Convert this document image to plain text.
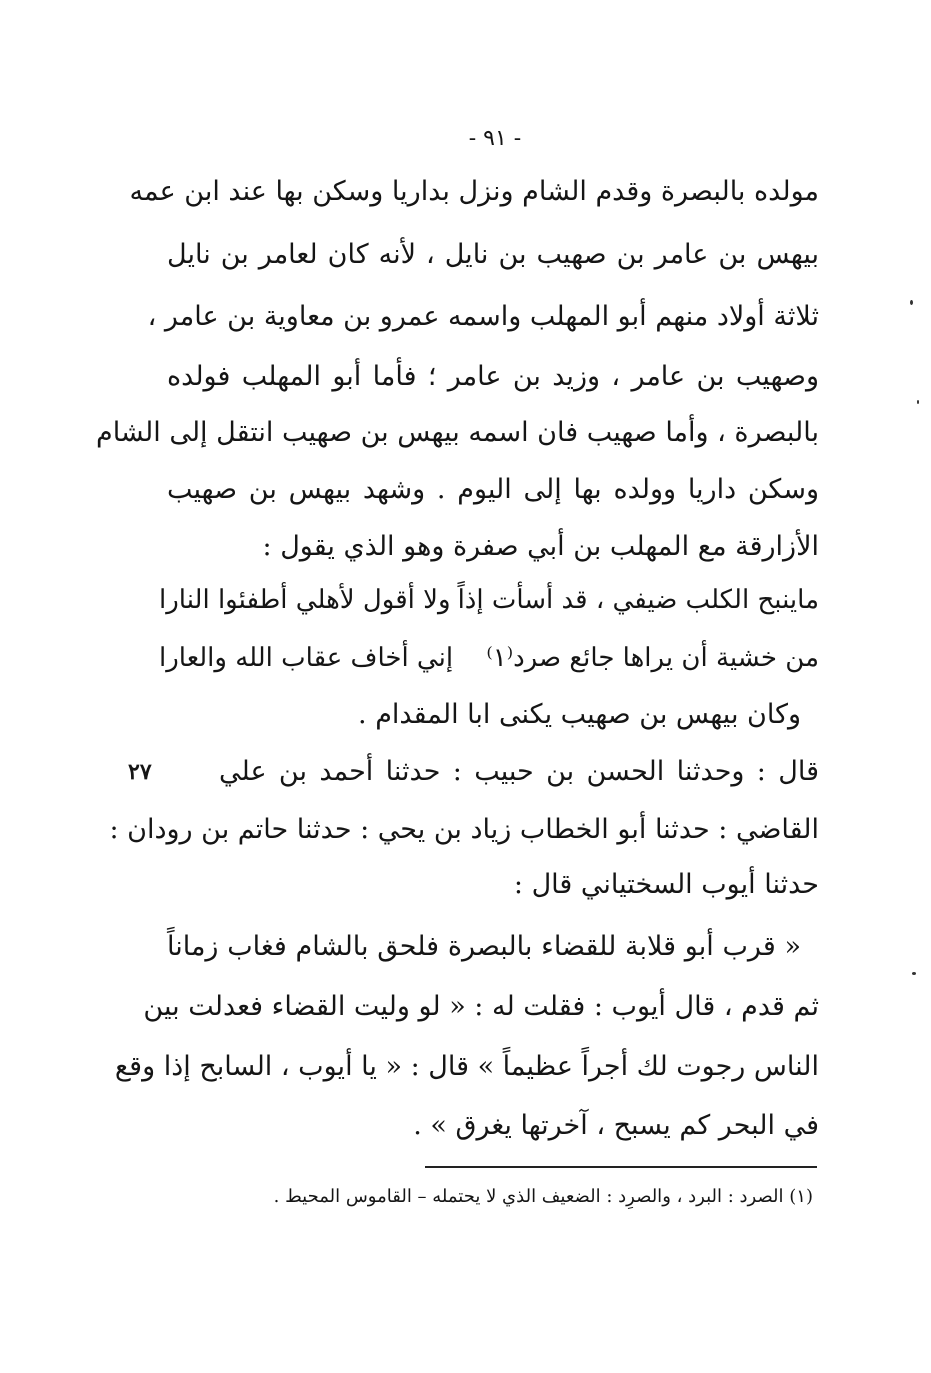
- ٩١ -
مولده بالبصرة وقدم الشام ونزل بداريا وسكن بها عند ابن عمه
بيهس بن عامر بن صهيب بن نايل ، لأنه كان لعامر بن نايل
ثلاثة أولاد منهم أبو المهلب واسمه عمرو بن معاوية بن عامر ،
وصهيب بن عامر ، وزيد بن عامر ؛ فأما أبو المهلب فولده
بالبصرة ، وأما صهيب فان اسمه بيهس بن صهيب انتقل إلى الشام
وسكن داريا وولده بها إلى اليوم . وشهد بيهس بن صهيب
الأزارقة مع المهلب بن أبي صفرة وهو الذي يقول :
ماينبح الكلب ضيفي ، قد أسأت إذاً
ولا أقول لأهلي أطفئوا النارا
من خشية أن يراها جائع صرد⁽١⁾
إني أخاف عقاب الله والعارا
وكان بيهس بن صهيب يكنى ابا المقدام .
٢٧ قال : وحدثنا الحسن بن حبيب : حدثنا أحمد بن علي
القاضي : حدثنا أبو الخطاب زياد بن يحي : حدثنا حاتم بن رودان :
حدثنا أيوب السختياني قال :
« قرب أبو قلابة للقضاء بالبصرة فلحق بالشام فغاب زماناً
ثم قدم ، قال أيوب : فقلت له : « لو وليت القضاء فعدلت بين
الناس رجوت لك أجراً عظيماً » قال : « يا أيوب ، السابح إذا وقع
في البحر كم يسبح ، آخرتها يغرق » .
(١) الصرد : البرد ، والصرِد : الضعيف الذي لا يحتمله – القاموس المحيط .
